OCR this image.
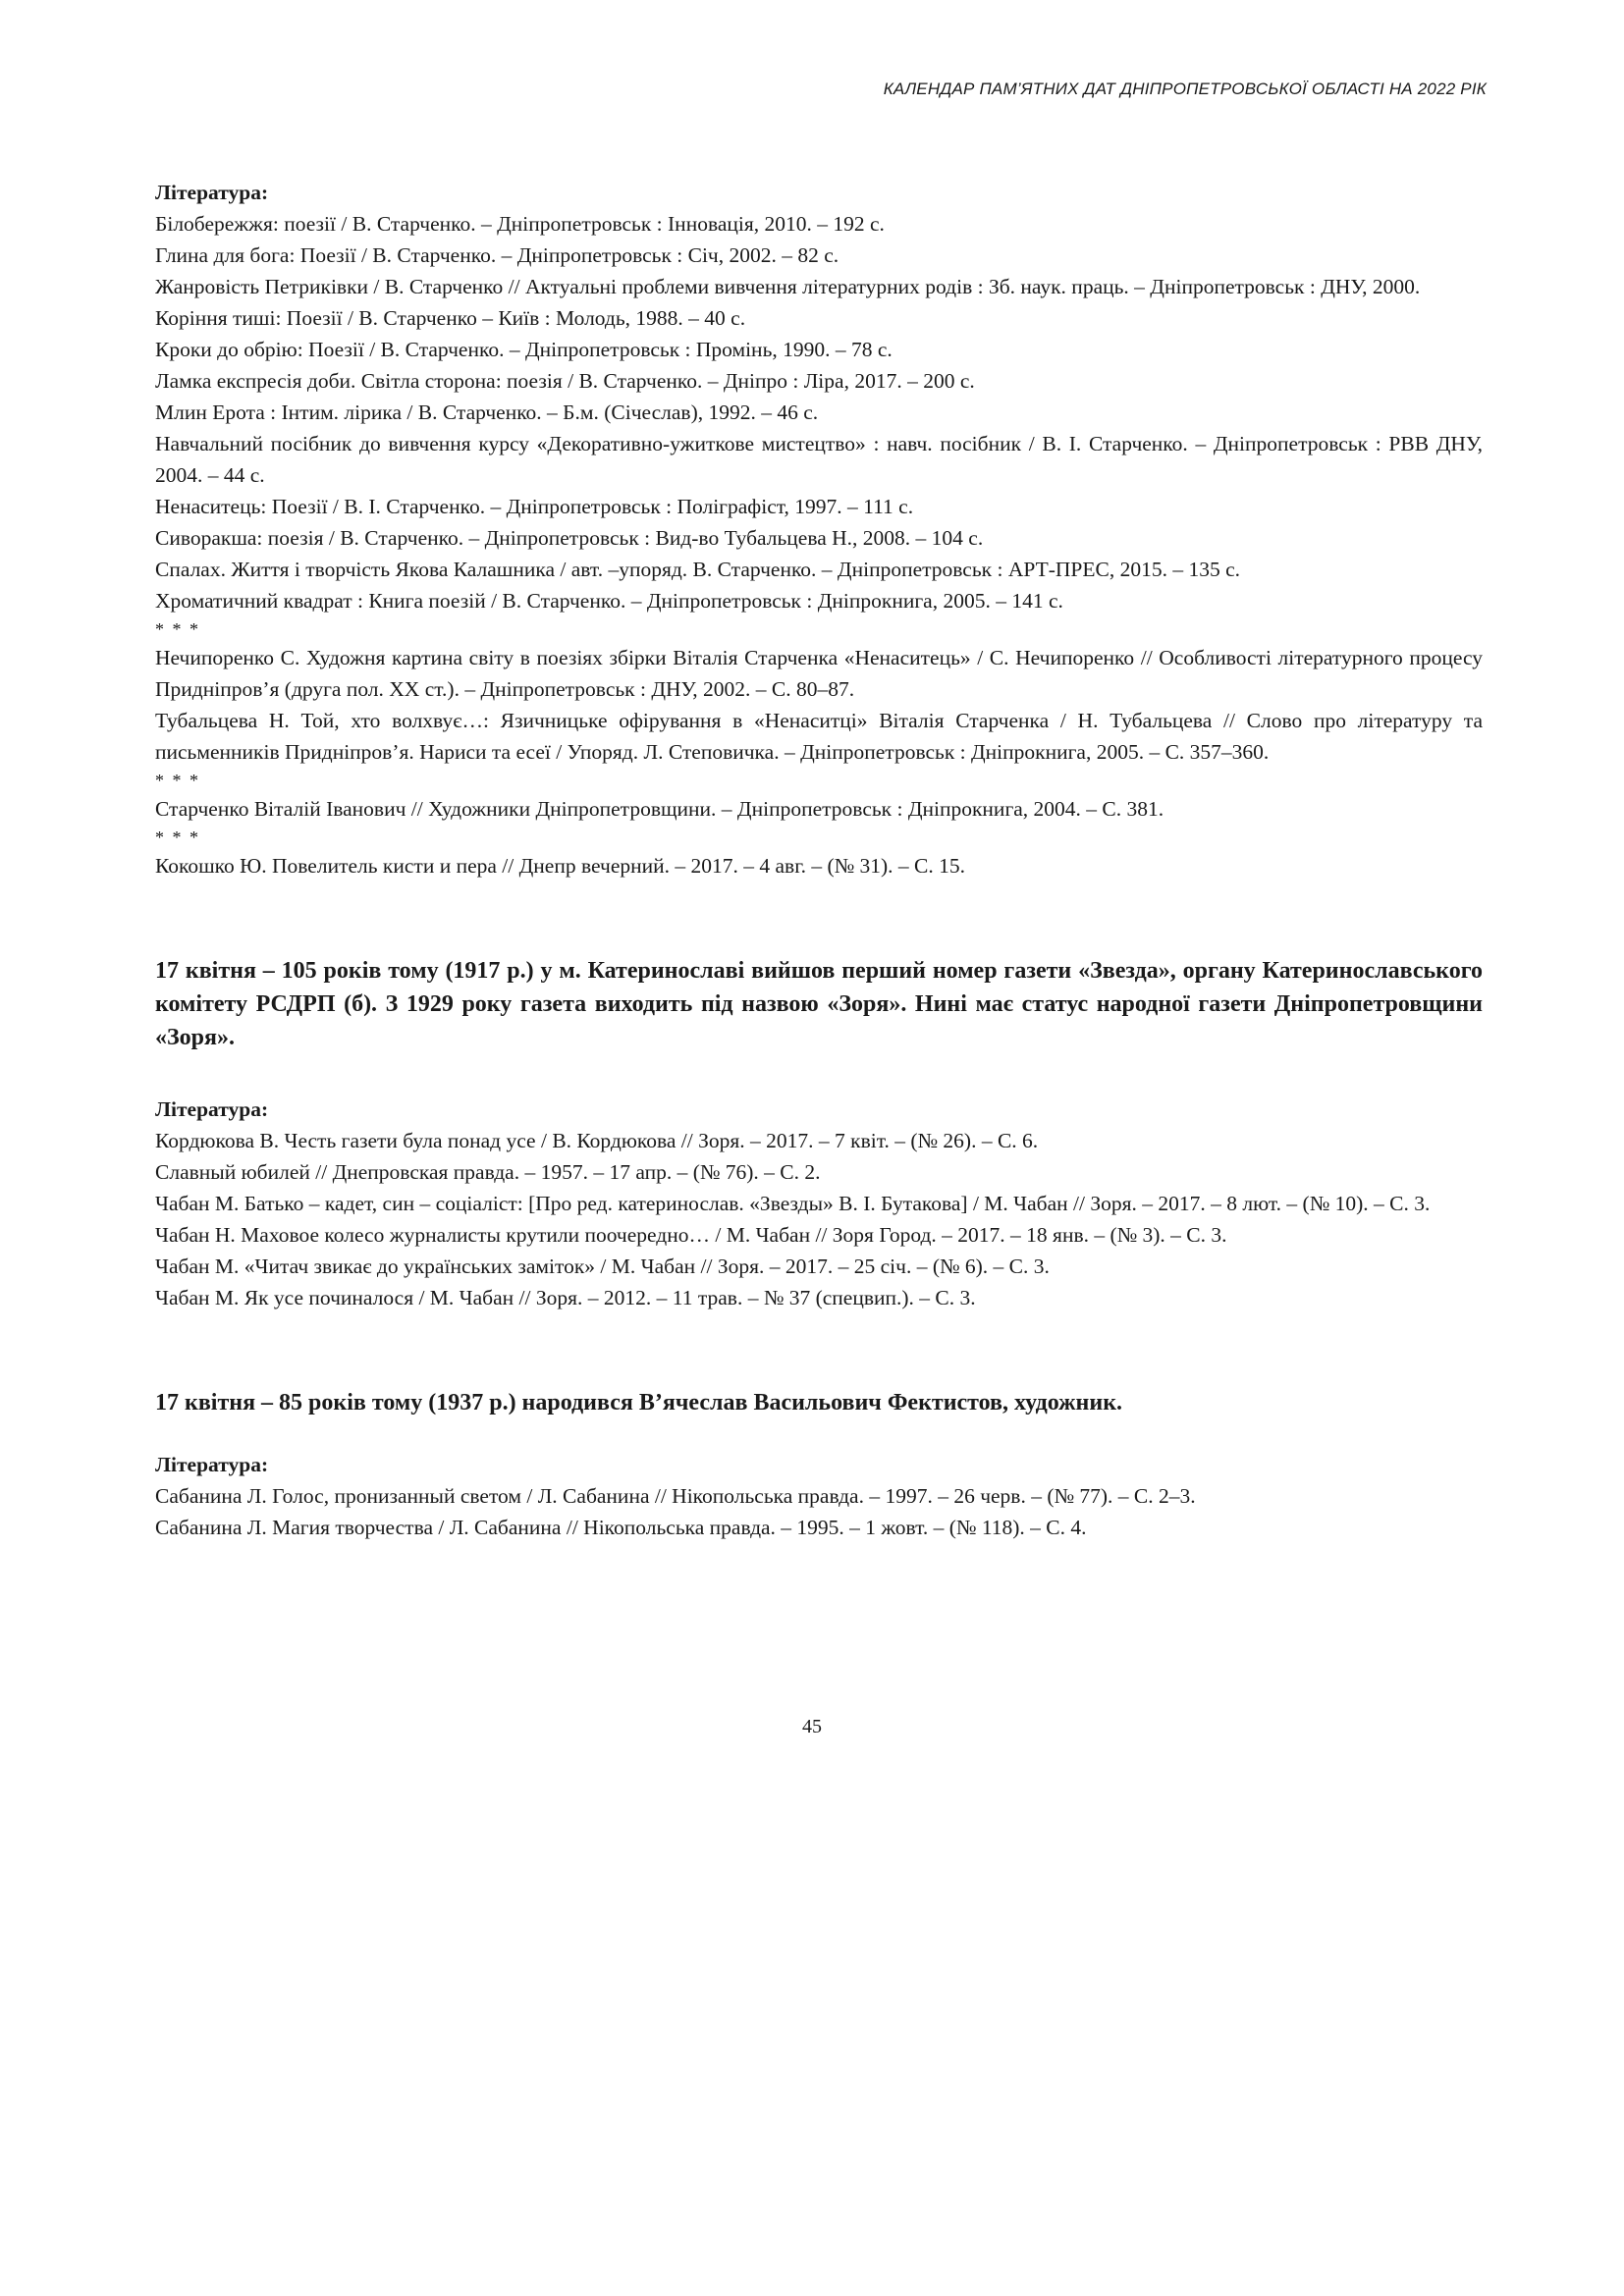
КАЛЕНДАР ПАМ’ЯТНИХ ДАТ ДНІПРОПЕТРОВСЬКОЇ ОБЛАСТІ НА 2022 РІК

Література:

Білобережжя: поезії / В. Старченко. – Дніпропетровськ : Інновація, 2010. – 192 с.

Глина для бога: Поезії / В. Старченко. – Дніпропетровськ : Січ, 2002. – 82 с.

Жанровість Петриківки / В. Старченко // Актуальні проблеми вивчення літературних родів : Зб. наук. праць. – Дніпропетровськ : ДНУ, 2000.

Коріння тиші: Поезії / В. Старченко – Київ : Молодь, 1988. – 40 с.

Кроки до обрію: Поезії / В. Старченко. – Дніпропетровськ : Промінь, 1990. – 78 с.

Ламка експресія доби. Світла сторона: поезія / В. Старченко. – Дніпро : Ліра, 2017. – 200 с.

Млин Ерота : Інтим. лірика / В. Старченко. – Б.м. (Січеслав), 1992. – 46 с.

Навчальний посібник до вивчення курсу «Декоративно-ужиткове мистецтво» : навч. посібник / В. І. Старченко. – Дніпропетровськ : РВВ ДНУ, 2004. – 44 с.

Ненаситець: Поезії / В. І. Старченко. – Дніпропетровськ : Поліграфіст, 1997. – 111 с.

Сиворакша: поезія / В. Старченко. – Дніпропетровськ : Вид-во Тубальцева Н., 2008. – 104 с.

Спалах. Життя і творчість Якова Калашника / авт. –упоряд. В. Старченко. – Дніпропетровськ : АРТ-ПРЕС, 2015. – 135 с.

Хроматичний квадрат : Книга поезій / В. Старченко. – Дніпропетровськ : Дніпрокнига, 2005. – 141 с.

* * *

Нечипоренко С. Художня картина світу в поезіях збірки Віталія Старченка «Ненаситець» / С. Нечипоренко // Особливості літературного процесу Придніпров’я (друга пол. ХХ ст.). – Дніпропетровськ : ДНУ, 2002. – С. 80–87.

Тубальцева Н. Той, хто волхвує…: Язичницьке офірування в «Ненаситці» Віталія Старченка / Н. Тубальцева // Слово про літературу та письменників Придніпров’я. Нариси та есеї / Упоряд. Л. Степовичка. – Дніпропетровськ : Дніпрокнига, 2005. – С. 357–360.

* * *

Старченко Віталій Іванович // Художники Дніпропетровщини. – Дніпропетровськ : Дніпрокнига, 2004. – С. 381.

* * *

Кокошко Ю. Повелитель кисти и пера // Днепр вечерний. – 2017. – 4 авг. – (№ 31). – С. 15.

17 квітня – 105 років тому (1917 р.) у м. Катеринославі вийшов перший номер газети «Звезда», органу Катеринославського комітету РСДРП (б). З 1929 року газета виходить під назвою «Зоря». Нині має статус народної газети Дніпропетровщини «Зоря».

Література:

Кордюкова В. Честь газети була понад усе / В. Кордюкова // Зоря. – 2017. – 7 квіт. – (№ 26). – С. 6.

Славный юбилей // Днепровская правда. – 1957. – 17 апр. – (№ 76). – С. 2.

Чабан М. Батько – кадет, син – соціаліст: [Про ред. катеринослав. «Звезды» В. І. Бутакова] / М. Чабан // Зоря. – 2017. – 8 лют. – (№ 10). – С. 3.

Чабан Н. Маховое колесо журналисты крутили поочередно… / М. Чабан // Зоря Город. – 2017. – 18 янв. – (№ 3). – С. 3.

Чабан М. «Читач звикає до українських заміток» / М. Чабан // Зоря. – 2017. – 25 січ. – (№ 6). – С. 3.

Чабан М. Як усе починалося / М. Чабан // Зоря. – 2012. – 11 трав. – № 37 (спецвип.). – С. 3.

17 квітня – 85 років тому (1937 р.) народився В’ячеслав Васильович Фектистов, художник.

Література:

Сабанина Л. Голос, пронизанный светом / Л. Сабанина // Нікопольська правда. – 1997. – 26 черв. – (№ 77). – С. 2–3.

Сабанина Л. Магия творчества / Л. Сабанина // Нікопольська правда. – 1995. – 1 жовт. – (№ 118). – С. 4.

45
